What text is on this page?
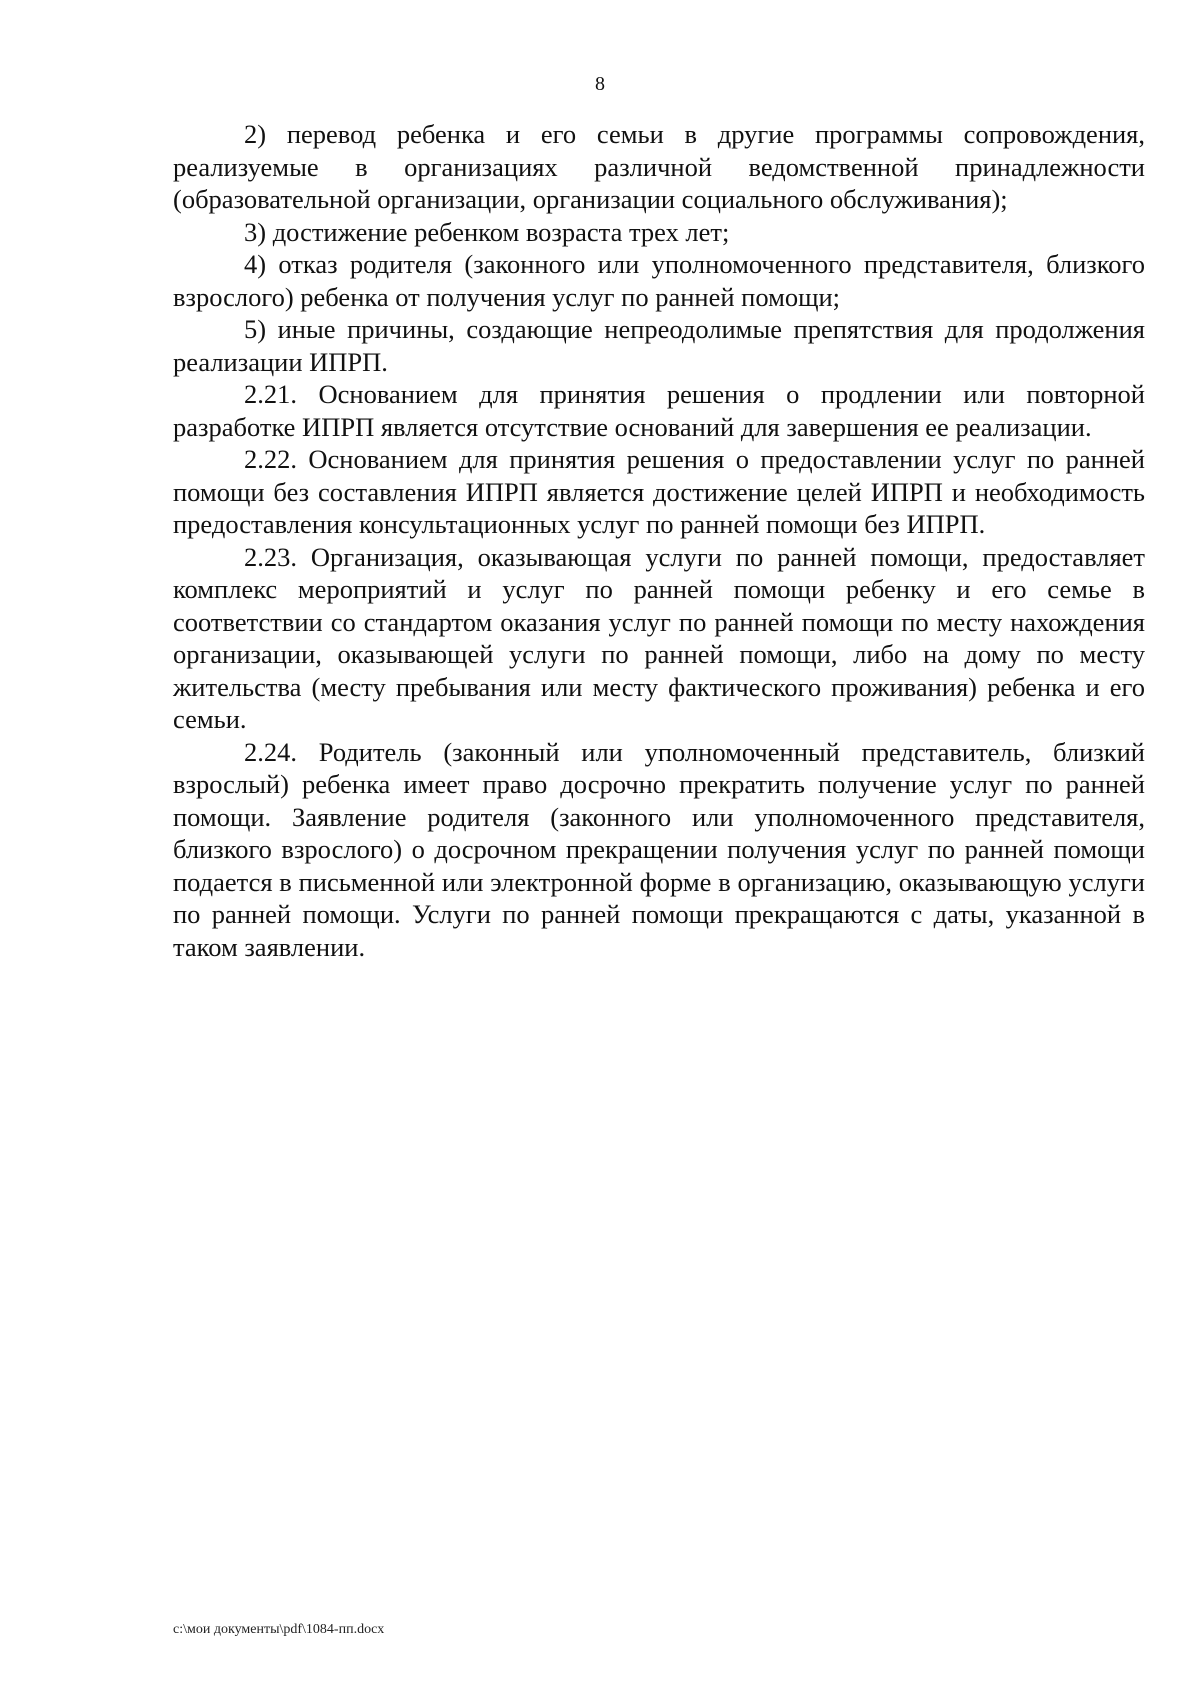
8

2) перевод ребенка и его семьи в другие программы сопровождения, реализуемые в организациях различной ведомственной принадлежности (образовательной организации, организации социального обслуживания);

3) достижение ребенком возраста трех лет;

4) отказ родителя (законного или уполномоченного представителя, близкого взрослого) ребенка от получения услуг по ранней помощи;

5) иные причины, создающие непреодолимые препятствия для продолжения реализации ИПРП.

2.21. Основанием для принятия решения о продлении или повторной разработке ИПРП является отсутствие оснований для завершения ее реализации.

2.22. Основанием для принятия решения о предоставлении услуг по ранней помощи без составления ИПРП является достижение целей ИПРП и необходимость предоставления консультационных услуг по ранней помощи без ИПРП.

2.23. Организация, оказывающая услуги по ранней помощи, предоставляет комплекс мероприятий и услуг по ранней помощи ребенку и его семье в соответствии со стандартом оказания услуг по ранней помощи по месту нахождения организации, оказывающей услуги по ранней помощи, либо на дому по месту жительства (месту пребывания или месту фактического проживания) ребенка и его семьи.

2.24. Родитель (законный или уполномоченный представитель, близкий взрослый) ребенка имеет право досрочно прекратить получение услуг по ранней помощи. Заявление родителя (законного или уполномоченного представителя, близкого взрослого) о досрочном прекращении получения услуг по ранней помощи подается в письменной или электронной форме в организацию, оказывающую услуги по ранней помощи. Услуги по ранней помощи прекращаются с даты, указанной в таком заявлении.

c:\мои документы\pdf\1084-пп.docx
